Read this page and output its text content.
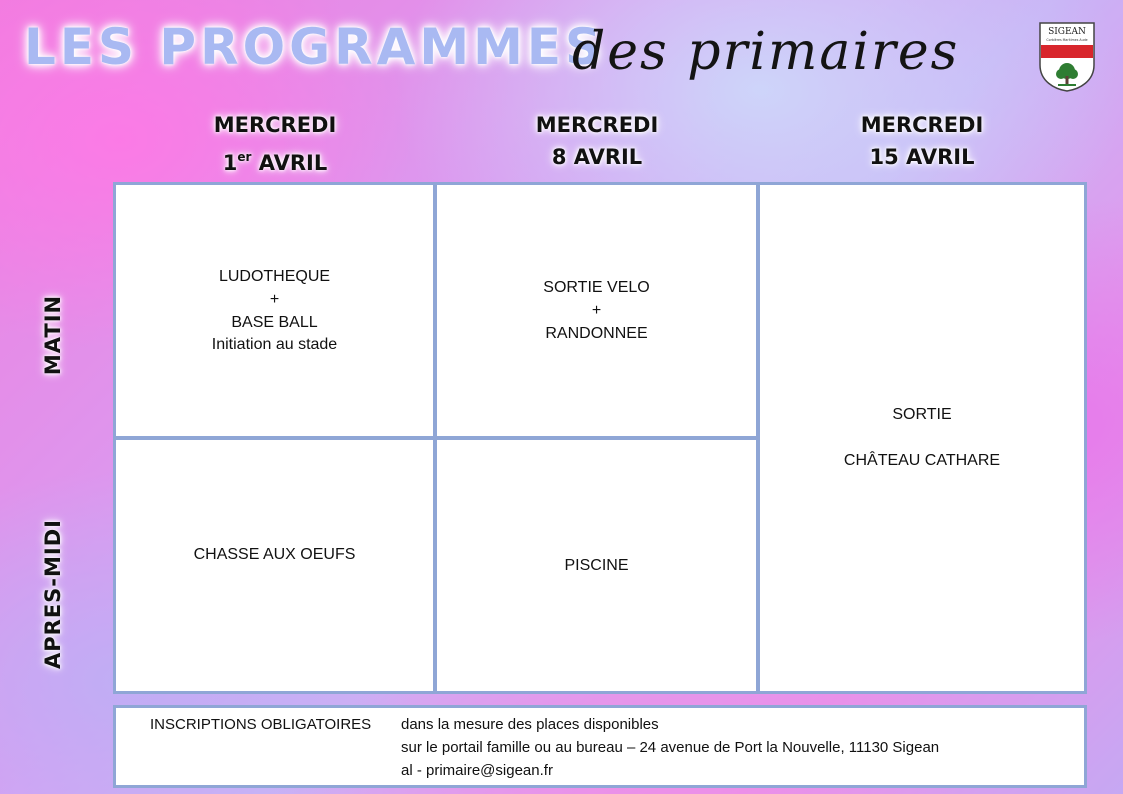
LES PROGRAMMES
des primaires	SIGEAN
Corbières Maritimes Aude
MERCREDI
1er AVRIL
MERCREDI
8 AVRIL
MERCREDI
15 AVRIL
MATIN
APRES-MIDI
LUDOTHEQUE
+
BASE BALL
Initiation au stade
SORTIE VELO
+
RANDONNEE
SORTIE
CHÂTEAU CATHARE
CHASSE AUX OEUFS
PISCINE
INSCRIPTIONS OBLIGATOIRES dans la mesure des places disponibles
sur le portail famille ou au bureau – 24 avenue de Port la Nouvelle, 11130 Sigean
al - primaire@sigean.fr
